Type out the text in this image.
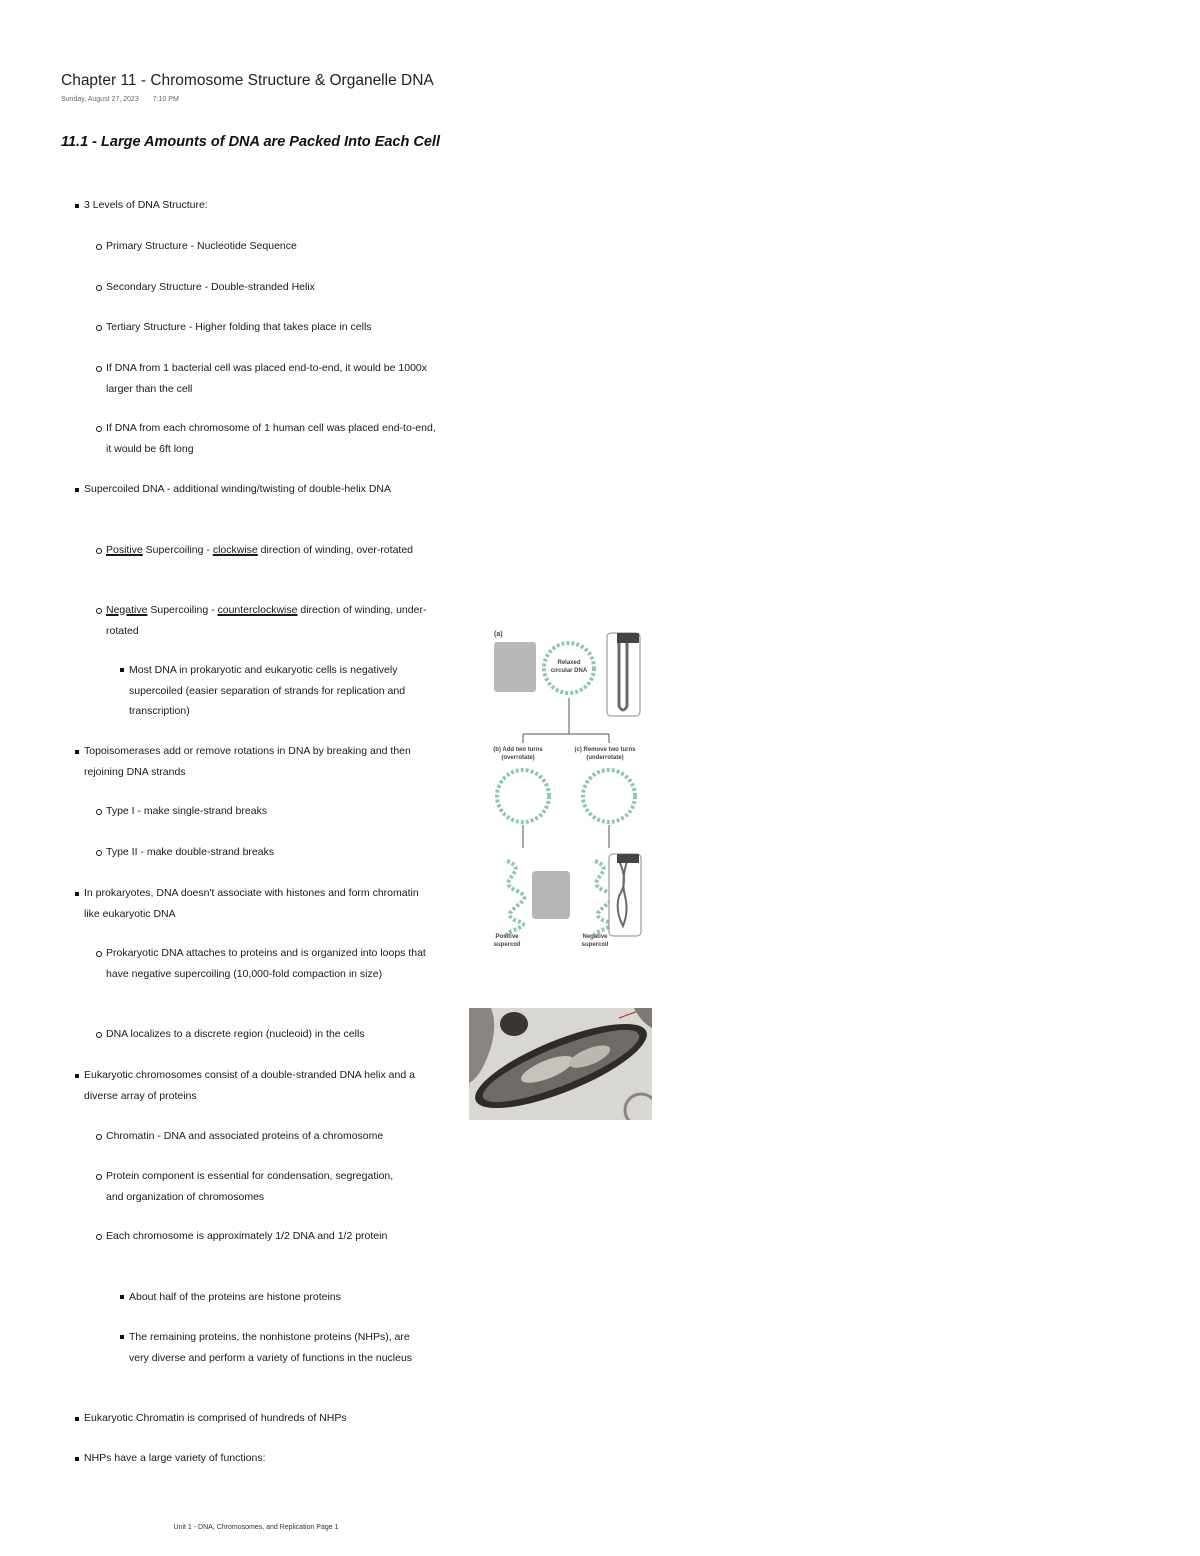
Chapter 11 - Chromosome Structure & Organelle DNA
Sunday, August 27, 2023 7:10 PM
11.1 - Large Amounts of DNA are Packed Into Each Cell
3 Levels of DNA Structure:
Primary Structure - Nucleotide Sequence
Secondary Structure - Double-stranded Helix
Tertiary Structure - Higher folding that takes place in cells
If DNA from 1 bacterial cell was placed end-to-end, it would be 1000x larger than the cell
If DNA from each chromosome of 1 human cell was placed end-to-end, it would be 6ft long
Supercoiled DNA - additional winding/twisting of double-helix DNA
Positive Supercoiling - clockwise direction of winding, over-rotated
Negative Supercoiling - counterclockwise direction of winding, under-rotated
Most DNA in prokaryotic and eukaryotic cells is negatively supercoiled (easier separation of strands for replication and transcription)
Topoisomerases add or remove rotations in DNA by breaking and then rejoining DNA strands
Type I - make single-strand breaks
Type II - make double-strand breaks
In prokaryotes, DNA doesn't associate with histones and form chromatin like eukaryotic DNA
Prokaryotic DNA attaches to proteins and is organized into loops that have negative supercoiling (10,000-fold compaction in size)
DNA localizes to a discrete region (nucleoid) in the cells
Eukaryotic chromosomes consist of a double-stranded DNA helix and a diverse array of proteins
Chromatin - DNA and associated proteins of a chromosome
Protein component is essential for condensation, segregation, and organization of chromosomes
Each chromosome is approximately 1/2 DNA and 1/2 protein
About half of the proteins are histone proteins
The remaining proteins, the nonhistone proteins (NHPs), are very diverse and perform a variety of functions in the nucleus
Eukaryotic Chromatin is comprised of hundreds of NHPs
NHPs have a large variety of functions:
(a)
Relaxed
circular DNA
(b) Add two turns
(overrotate)
(c) Remove two turns
(underrotate)
Positive
supercoil
Negative
supercoil
Unit 1 - DNA, Chromosomes, and Replication Page 1
